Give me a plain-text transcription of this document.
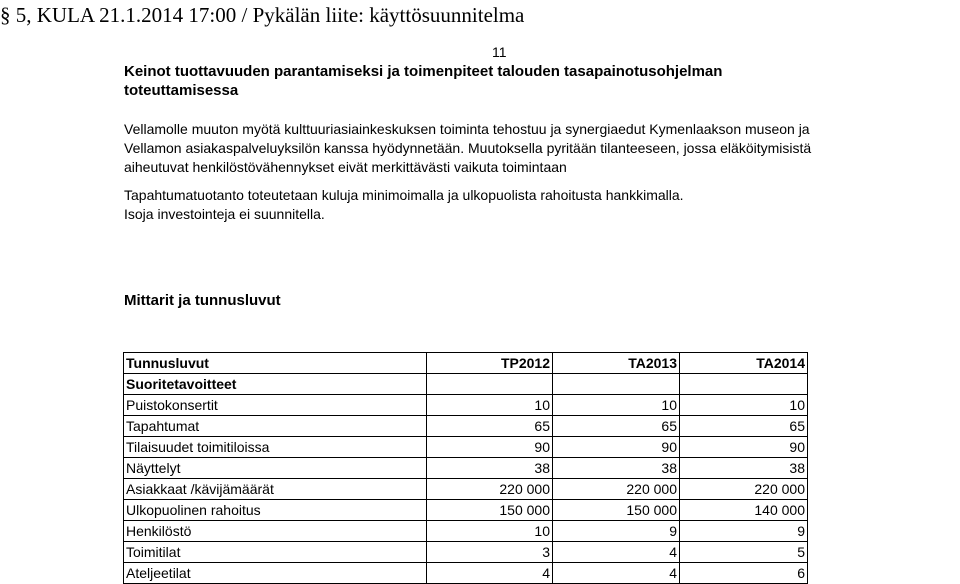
§ 5, KULA 21.1.2014 17:00 / Pykälän liite: käyttösuunnitelma
11
Keinot tuottavuuden parantamiseksi ja toimenpiteet talouden tasapainotusohjelman toteuttamisessa
Vellamolle muuton myötä kulttuuriasiainkeskuksen toiminta tehostuu ja synergiaedut Kymenlaakson museon ja Vellamon asiakaspalveluyksilön kanssa hyödynnetään. Muutoksella pyritään tilanteeseen, jossa eläköitymisistä aiheutuvat henkilöstövähennykset eivät merkittävästi vaikuta toimintaan
Tapahtumatuotanto toteutetaan kuluja minimoimalla ja ulkopuolista rahoitusta hankkimalla.
Isoja investointeja ei suunnitella.
Mittarit ja tunnusluvut
Tunnusluvut	TP2012	TA2013	TA2014
Suoritetavoitteet			
Puistokonsertit	10	10	10
Tapahtumat	65	65	65
Tilaisuudet toimitiloissa	90	90	90
Näyttelyt	38	38	38
Asiakkaat /kävijämäärät	220 000	220 000	220 000
Ulkopuolinen rahoitus	150 000	150 000	140 000
Henkilöstö	10	9	9
Toimitilat	3	4	5
Ateljeetilat	4	4	6
